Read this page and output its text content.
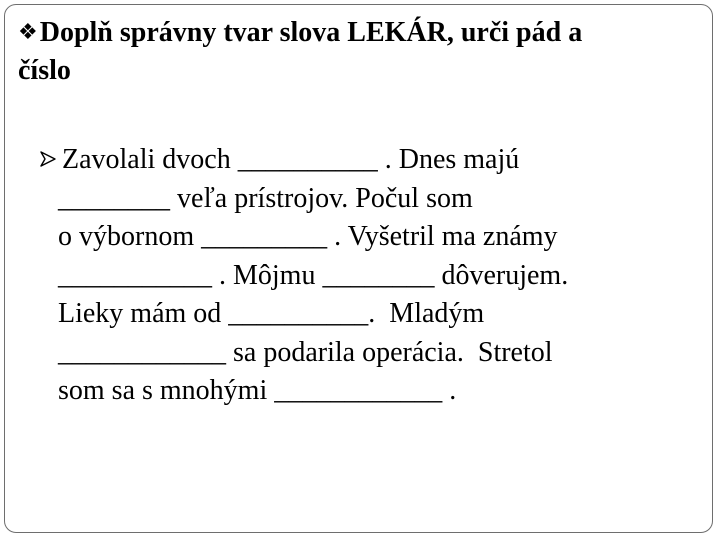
❖Doplň správny tvar slova LEKÁR, urči pád a
číslo

Zavolali dvoch __________ . Dnes majú

________ veľa prístrojov. Počul som

o výbornom _________ . Vyšetril ma známy

___________ . Môjmu ________ dôverujem.

Lieky mám od __________.  Mladým

____________ sa podarila operácia.  Stretol

som sa s mnohými ____________ .
